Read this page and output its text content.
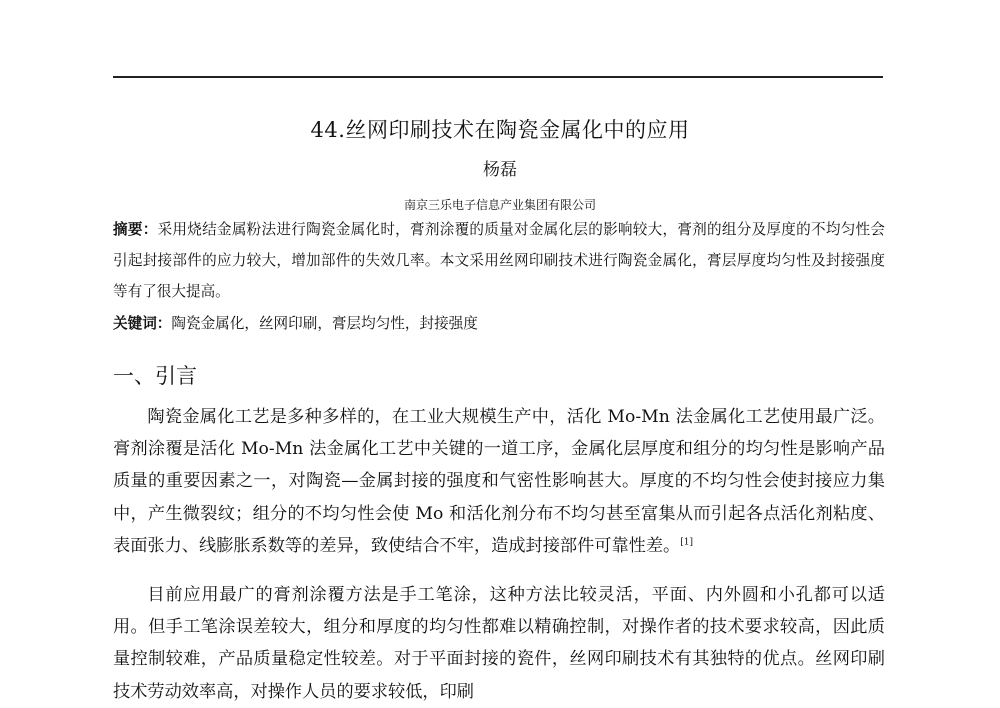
44.丝网印刷技术在陶瓷金属化中的应用
杨磊
南京三乐电子信息产业集团有限公司

摘要：采用烧结金属粉法进行陶瓷金属化时，膏剂涂覆的质量对金属化层的影响较大，膏剂的组分及厚度的不均匀性会引起封接部件的应力较大，增加部件的失效几率。本文采用丝网印刷技术进行陶瓷金属化，膏层厚度均匀性及封接强度等有了很大提高。

关键词：陶瓷金属化，丝网印刷，膏层均匀性，封接强度

一、引言

陶瓷金属化工艺是多种多样的，在工业大规模生产中，活化 Mo-Mn 法金属化工艺使用最广泛。膏剂涂覆是活化 Mo-Mn 法金属化工艺中关键的一道工序，金属化层厚度和组分的均匀性是影响产品质量的重要因素之一，对陶瓷—金属封接的强度和气密性影响甚大。厚度的不均匀性会使封接应力集中，产生微裂纹；组分的不均匀性会使 Mo 和活化剂分布不均匀甚至富集从而引起各点活化剂粘度、表面张力、线膨胀系数等的差异，致使结合不牢，造成封接部件可靠性差。[1]

目前应用最广的膏剂涂覆方法是手工笔涂，这种方法比较灵活，平面、内外圆和小孔都可以适用。但手工笔涂误差较大，组分和厚度的均匀性都难以精确控制，对操作者的技术要求较高，因此质量控制较难，产品质量稳定性较差。对于平面封接的瓷件，丝网印刷技术有其独特的优点。丝网印刷技术劳动效率高，对操作人员的要求较低，印刷
